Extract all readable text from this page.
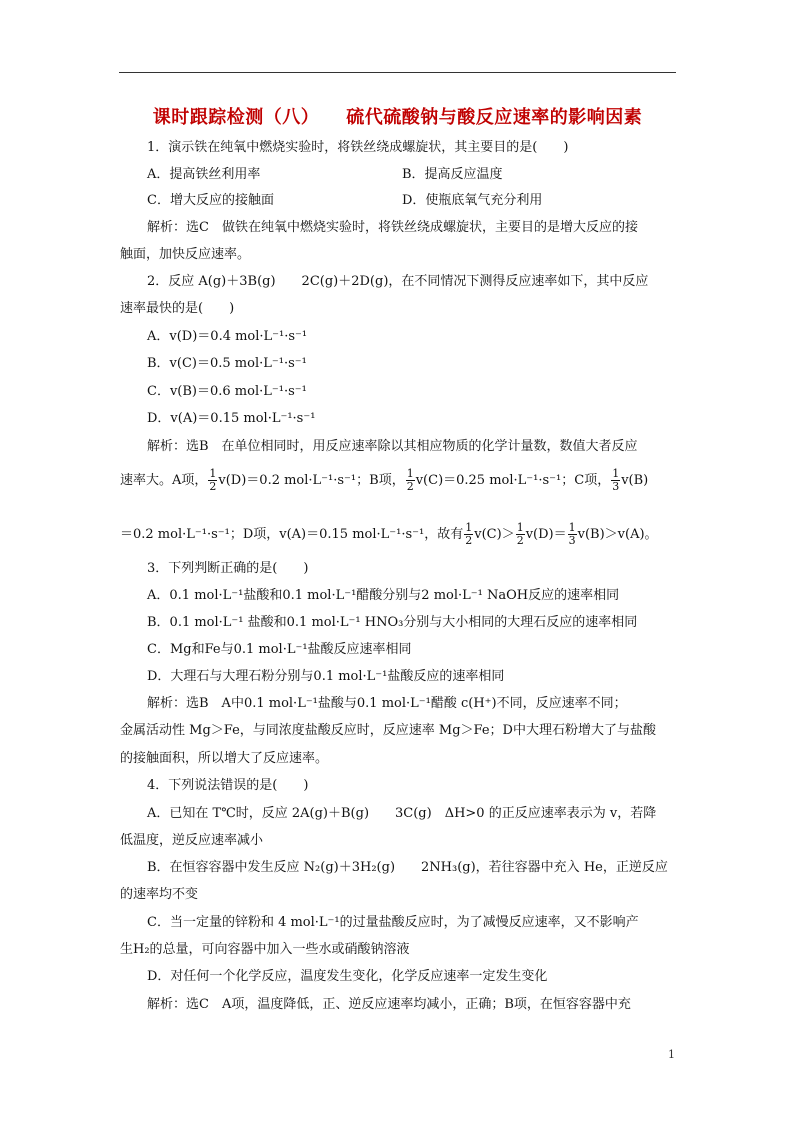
课时跟踪检测（八）    硫代硫酸钠与酸反应速率的影响因素
1．演示铁在纯氧中燃烧实验时，将铁丝绕成螺旋状，其主要目的是(　　)
A．提高铁丝利用率	B．提高反应温度
C．增大反应的接触面	D．使瓶底氧气充分利用
解析：选C　做铁在纯氧中燃烧实验时，将铁丝绕成螺旋状，主要目的是增大反应的接
触面，加快反应速率。
2．反应 A(g)＋3B(g)　　2C(g)＋2D(g)，在不同情况下测得反应速率如下，其中反应
速率最快的是(　　)
A．v(D)＝0.4 mol·L⁻¹·s⁻¹
B．v(C)＝0.5 mol·L⁻¹·s⁻¹
C．v(B)＝0.6 mol·L⁻¹·s⁻¹
D．v(A)＝0.15 mol·L⁻¹·s⁻¹
解析：选B　在单位相同时，用反应速率除以其相应物质的化学计量数，数值大者反应
速率大。A项， $\frac{1}{2} v(D)=0.2$ mol·L⁻¹·s⁻¹；B项， $\frac{1}{2} v(C)=0.25$ mol·L⁻¹·s⁻¹；C项， $\frac{1}{3} v(B)$
＝0.2 mol·L⁻¹·s⁻¹；D项，v(A)＝0.15 mol·L⁻¹·s⁻¹，故有 $\frac{1}{2} v(C)> \frac{1}{2} v(D)= \frac{1}{3} v(B)>v(A)$。
3．下列判断正确的是(　　)
A．0.1 mol·L⁻¹盐酸和0.1 mol·L⁻¹醋酸分别与2 mol·L⁻¹ NaOH反应的速率相同
B．0.1 mol·L⁻¹ 盐酸和0.1 mol·L⁻¹ HNO₃分别与大小相同的大理石反应的速率相同
C．Mg和Fe与0.1 mol·L⁻¹盐酸反应速率相同
D．大理石与大理石粉分别与0.1 mol·L⁻¹盐酸反应的速率相同
解析：选B　A中0.1 mol·L⁻¹盐酸与0.1 mol·L⁻¹醋酸 c(H⁺)不同，反应速率不同；
金属活动性 Mg＞Fe，与同浓度盐酸反应时，反应速率 Mg＞Fe；D中大理石粉增大了与盐酸
的接触面积，所以增大了反应速率。
4．下列说法错误的是(　　)
A．已知在 T℃时，反应 2A(g)＋B(g)　　3C(g)　ΔH>0 的正反应速率表示为 v，若降
低温度，逆反应速率减小
B．在恒容容器中发生反应 N₂(g)＋3H₂(g)　　2NH₃(g)，若往容器中充入 He，正逆反应
的速率均不变
C．当一定量的锌粉和 4 mol·L⁻¹的过量盐酸反应时，为了减慢反应速率，又不影响产
生H₂的总量，可向容器中加入一些水或硝酸钠溶液
D．对任何一个化学反应，温度发生变化，化学反应速率一定发生变化
解析：选C　A项，温度降低，正、逆反应速率均减小，正确；B项，在恒容容器中充
1
